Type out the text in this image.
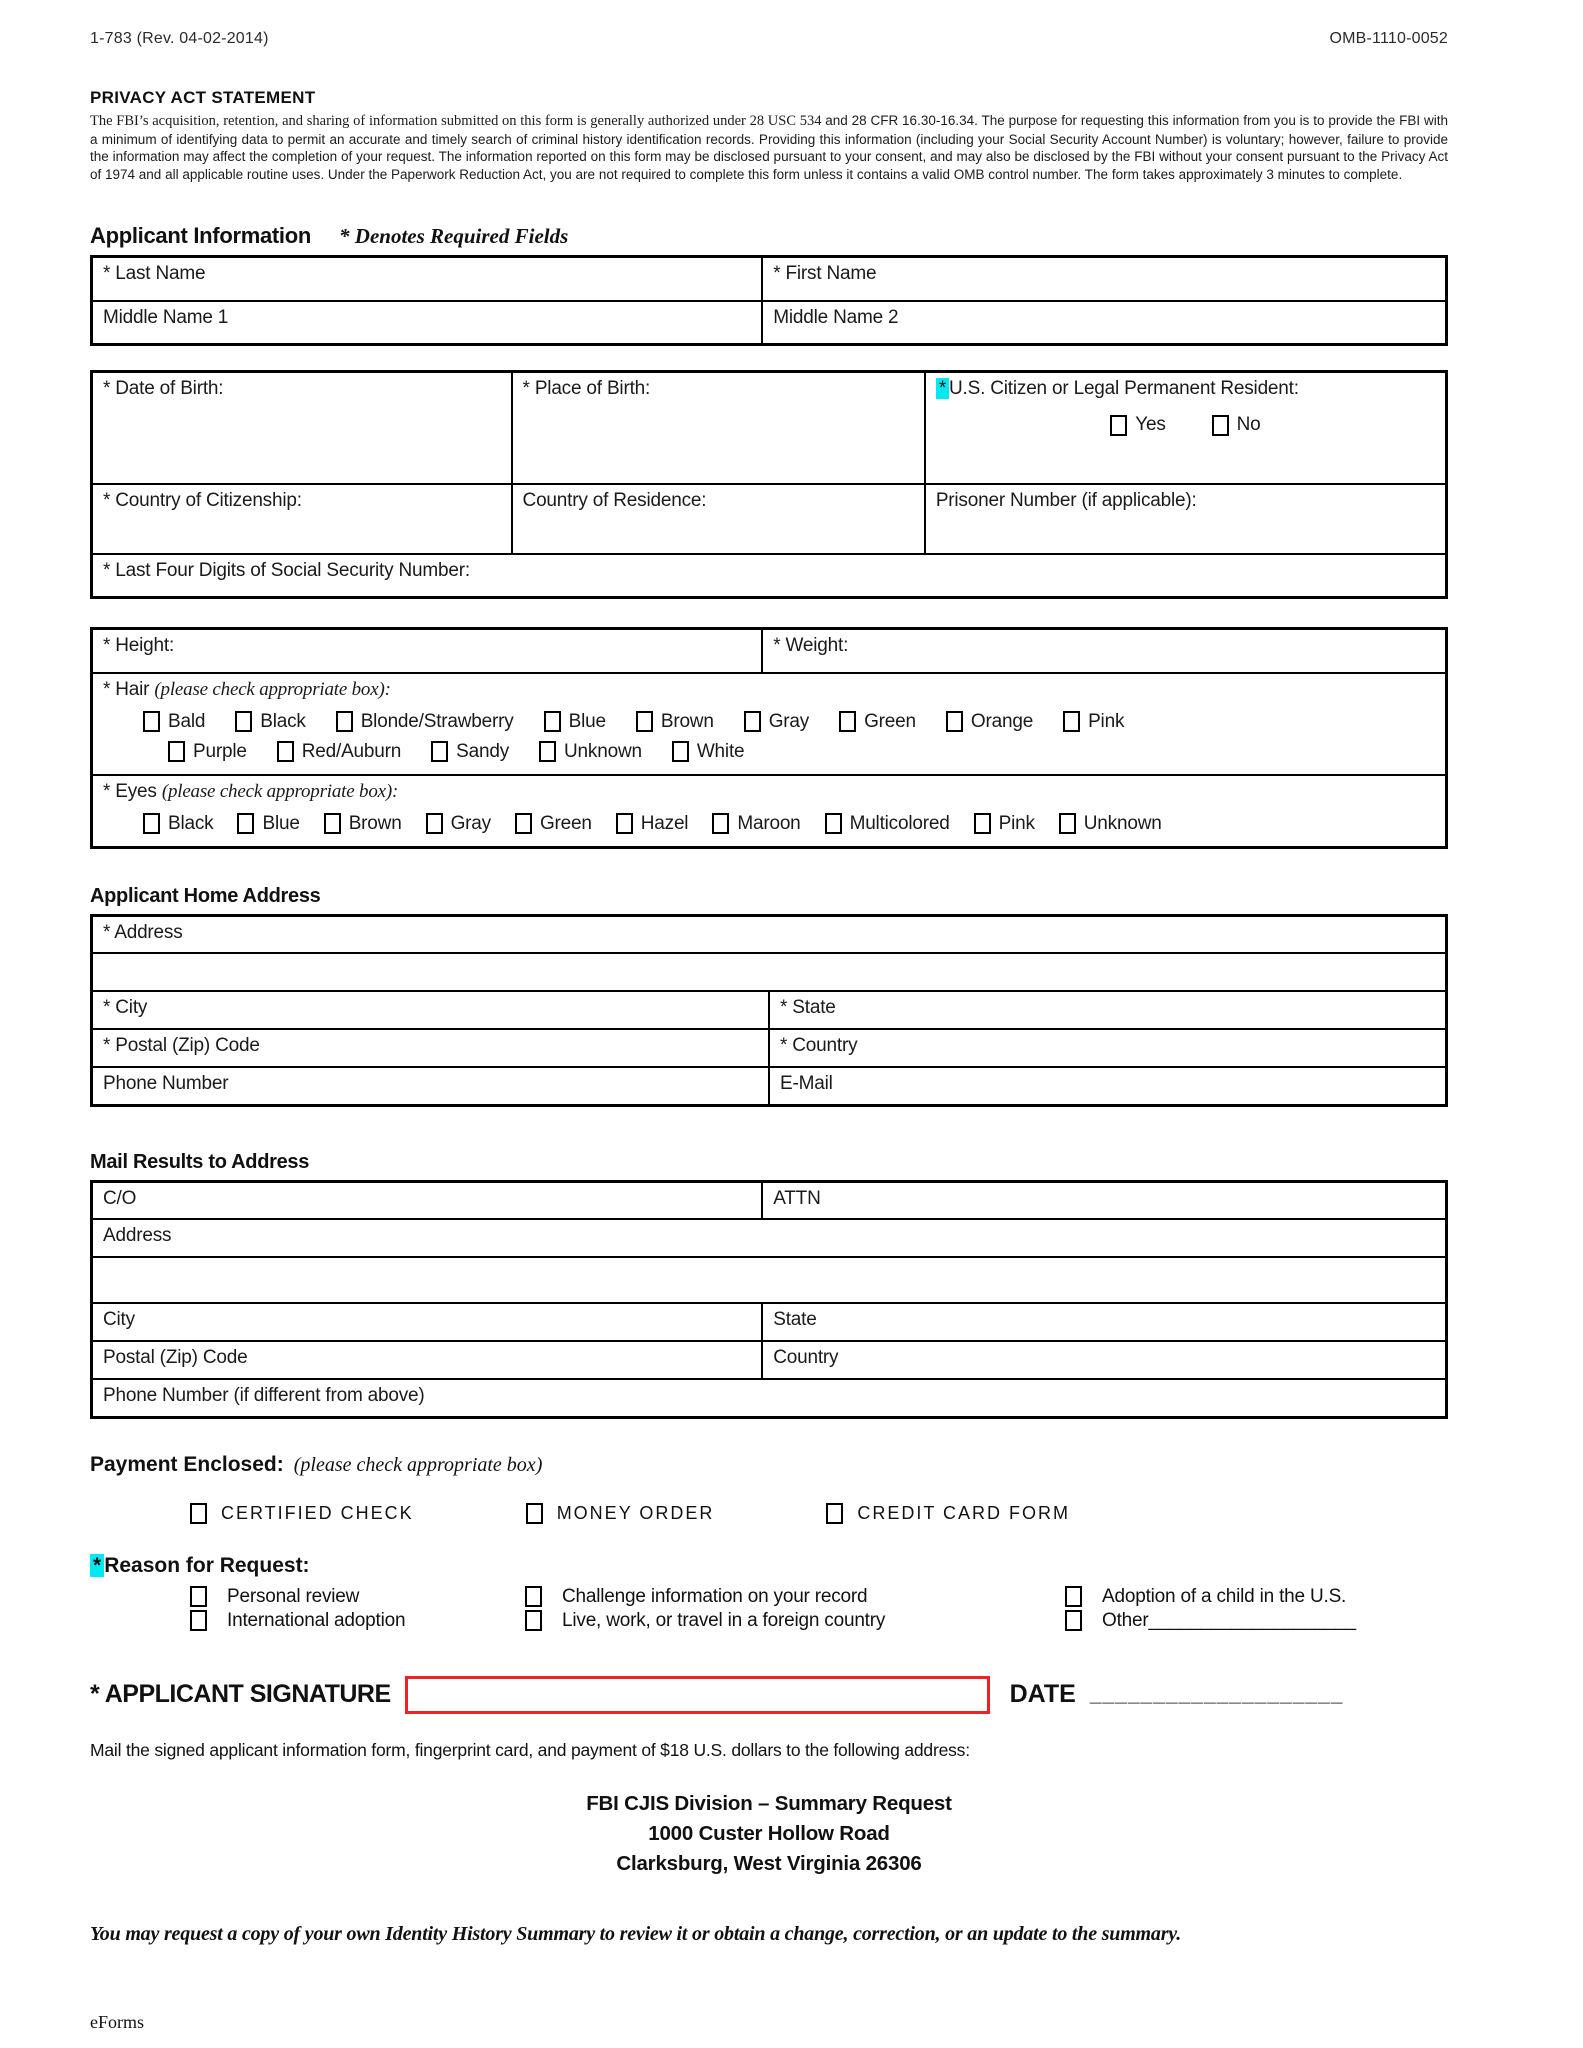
1-783 (Rev. 04-02-2014)	OMB-1110-0052
PRIVACY ACT STATEMENT
The FBI’s acquisition, retention, and sharing of information submitted on this form is generally authorized under 28 USC 534 and 28 CFR 16.30-16.34. The purpose for requesting this information from you is to provide the FBI with a minimum of identifying data to permit an accurate and timely search of criminal history identification records. Providing this information (including your Social Security Account Number) is voluntary; however, failure to provide the information may affect the completion of your request. The information reported on this form may be disclosed pursuant to your consent, and may also be disclosed by the FBI without your consent pursuant to the Privacy Act of 1974 and all applicable routine uses. Under the Paperwork Reduction Act, you are not required to complete this form unless it contains a valid OMB control number. The form takes approximately 3 minutes to complete.
Applicant Information * Denotes Required Fields
* Last Name	* First Name
Middle Name 1	Middle Name 2
* Date of Birth:	* Place of Birth:	* U.S. Citizen or Legal Permanent Resident:
Yes No

* Country of Citizenship:	Country of Residence:	Prisoner Number (if applicable):
* Last Four Digits of Social Security Number:		
* Height:	* Weight:

* Hair (please check appropriate box):
Bald	Black	Blonde/Strawberry	Blue	Brown	Gray	Green	Orange	Pink
Purple	Red/Auburn	Sandy	Unknown	White

* Eyes (please check appropriate box):
Black	Blue	Brown	Gray	Green	Hazel	Maroon	Multicolored	Pink	Unknown
Applicant Home Address
* Address	

* City	* State
* Postal (Zip) Code	* Country
Phone Number	E-Mail
Mail Results to Address
C/O	ATTN
Address	

City	State
Postal (Zip) Code	Country
Phone Number (if different from above)	
Payment Enclosed: (please check appropriate box)
CERTIFIED CHECK	MONEY ORDER	CREDIT CARD FORM
* Reason for Request:
Personal review	Challenge information on your record	Adoption of a child in the U.S.
International adoption	Live, work, or travel in a foreign country	Other____________________
* APPLICANT SIGNATURE	DATE ____________________
Mail the signed applicant information form, fingerprint card, and payment of $18 U.S. dollars to the following address:
FBI CJIS Division – Summary Request
1000 Custer Hollow Road
Clarksburg, West Virginia 26306
You may request a copy of your own Identity History Summary to review it or obtain a change, correction, or an update to the summary.
eForms
